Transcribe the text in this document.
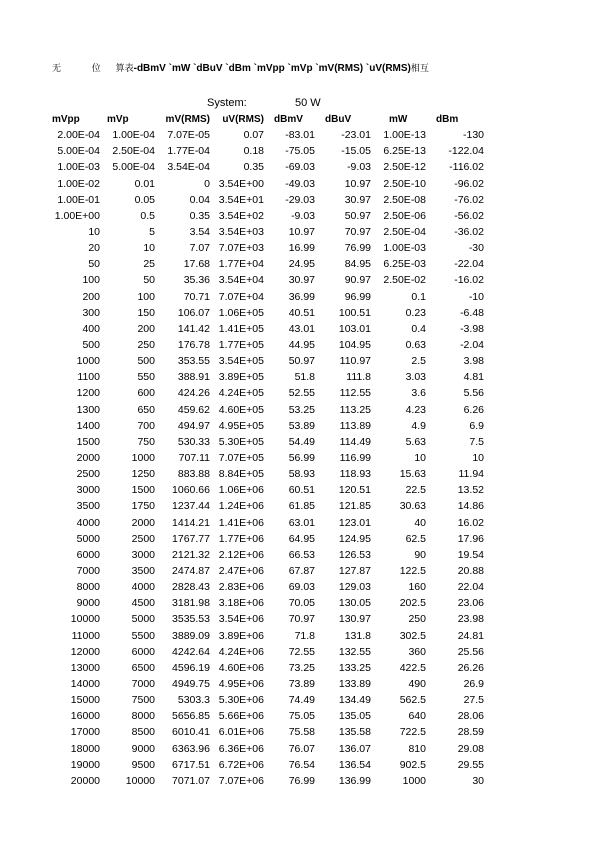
无	位 算表-dBmV `mW `dBuV `dBm `mVpp `mVp `mV(RMS) `uV(RMS)相互
System:	50 W
mVpp	mVp	mV(RMS)	uV(RMS)	dBmV	dBuV	mW	dBm
2.00E-04	1.00E-04	7.07E-05	0.07	-83.01	-23.01	1.00E-13	-130
5.00E-04	2.50E-04	1.77E-04	0.18	-75.05	-15.05	6.25E-13	-122.04
1.00E-03	5.00E-04	3.54E-04	0.35	-69.03	-9.03	2.50E-12	-116.02
1.00E-02	0.01	0	3.54E+00	-49.03	10.97	2.50E-10	-96.02
1.00E-01	0.05	0.04	3.54E+01	-29.03	30.97	2.50E-08	-76.02
1.00E+00	0.5	0.35	3.54E+02	-9.03	50.97	2.50E-06	-56.02
10	5	3.54	3.54E+03	10.97	70.97	2.50E-04	-36.02
20	10	7.07	7.07E+03	16.99	76.99	1.00E-03	-30
50	25	17.68	1.77E+04	24.95	84.95	6.25E-03	-22.04
100	50	35.36	3.54E+04	30.97	90.97	2.50E-02	-16.02
200	100	70.71	7.07E+04	36.99	96.99	0.1	-10
300	150	106.07	1.06E+05	40.51	100.51	0.23	-6.48
400	200	141.42	1.41E+05	43.01	103.01	0.4	-3.98
500	250	176.78	1.77E+05	44.95	104.95	0.63	-2.04
1000	500	353.55	3.54E+05	50.97	110.97	2.5	3.98
1100	550	388.91	3.89E+05	51.8	111.8	3.03	4.81
1200	600	424.26	4.24E+05	52.55	112.55	3.6	5.56
1300	650	459.62	4.60E+05	53.25	113.25	4.23	6.26
1400	700	494.97	4.95E+05	53.89	113.89	4.9	6.9
1500	750	530.33	5.30E+05	54.49	114.49	5.63	7.5
2000	1000	707.11	7.07E+05	56.99	116.99	10	10
2500	1250	883.88	8.84E+05	58.93	118.93	15.63	11.94
3000	1500	1060.66	1.06E+06	60.51	120.51	22.5	13.52
3500	1750	1237.44	1.24E+06	61.85	121.85	30.63	14.86
4000	2000	1414.21	1.41E+06	63.01	123.01	40	16.02
5000	2500	1767.77	1.77E+06	64.95	124.95	62.5	17.96
6000	3000	2121.32	2.12E+06	66.53	126.53	90	19.54
7000	3500	2474.87	2.47E+06	67.87	127.87	122.5	20.88
8000	4000	2828.43	2.83E+06	69.03	129.03	160	22.04
9000	4500	3181.98	3.18E+06	70.05	130.05	202.5	23.06
10000	5000	3535.53	3.54E+06	70.97	130.97	250	23.98
11000	5500	3889.09	3.89E+06	71.8	131.8	302.5	24.81
12000	6000	4242.64	4.24E+06	72.55	132.55	360	25.56
13000	6500	4596.19	4.60E+06	73.25	133.25	422.5	26.26
14000	7000	4949.75	4.95E+06	73.89	133.89	490	26.9
15000	7500	5303.3	5.30E+06	74.49	134.49	562.5	27.5
16000	8000	5656.85	5.66E+06	75.05	135.05	640	28.06
17000	8500	6010.41	6.01E+06	75.58	135.58	722.5	28.59
18000	9000	6363.96	6.36E+06	76.07	136.07	810	29.08
19000	9500	6717.51	6.72E+06	76.54	136.54	902.5	29.55
20000	10000	7071.07	7.07E+06	76.99	136.99	1000	30
